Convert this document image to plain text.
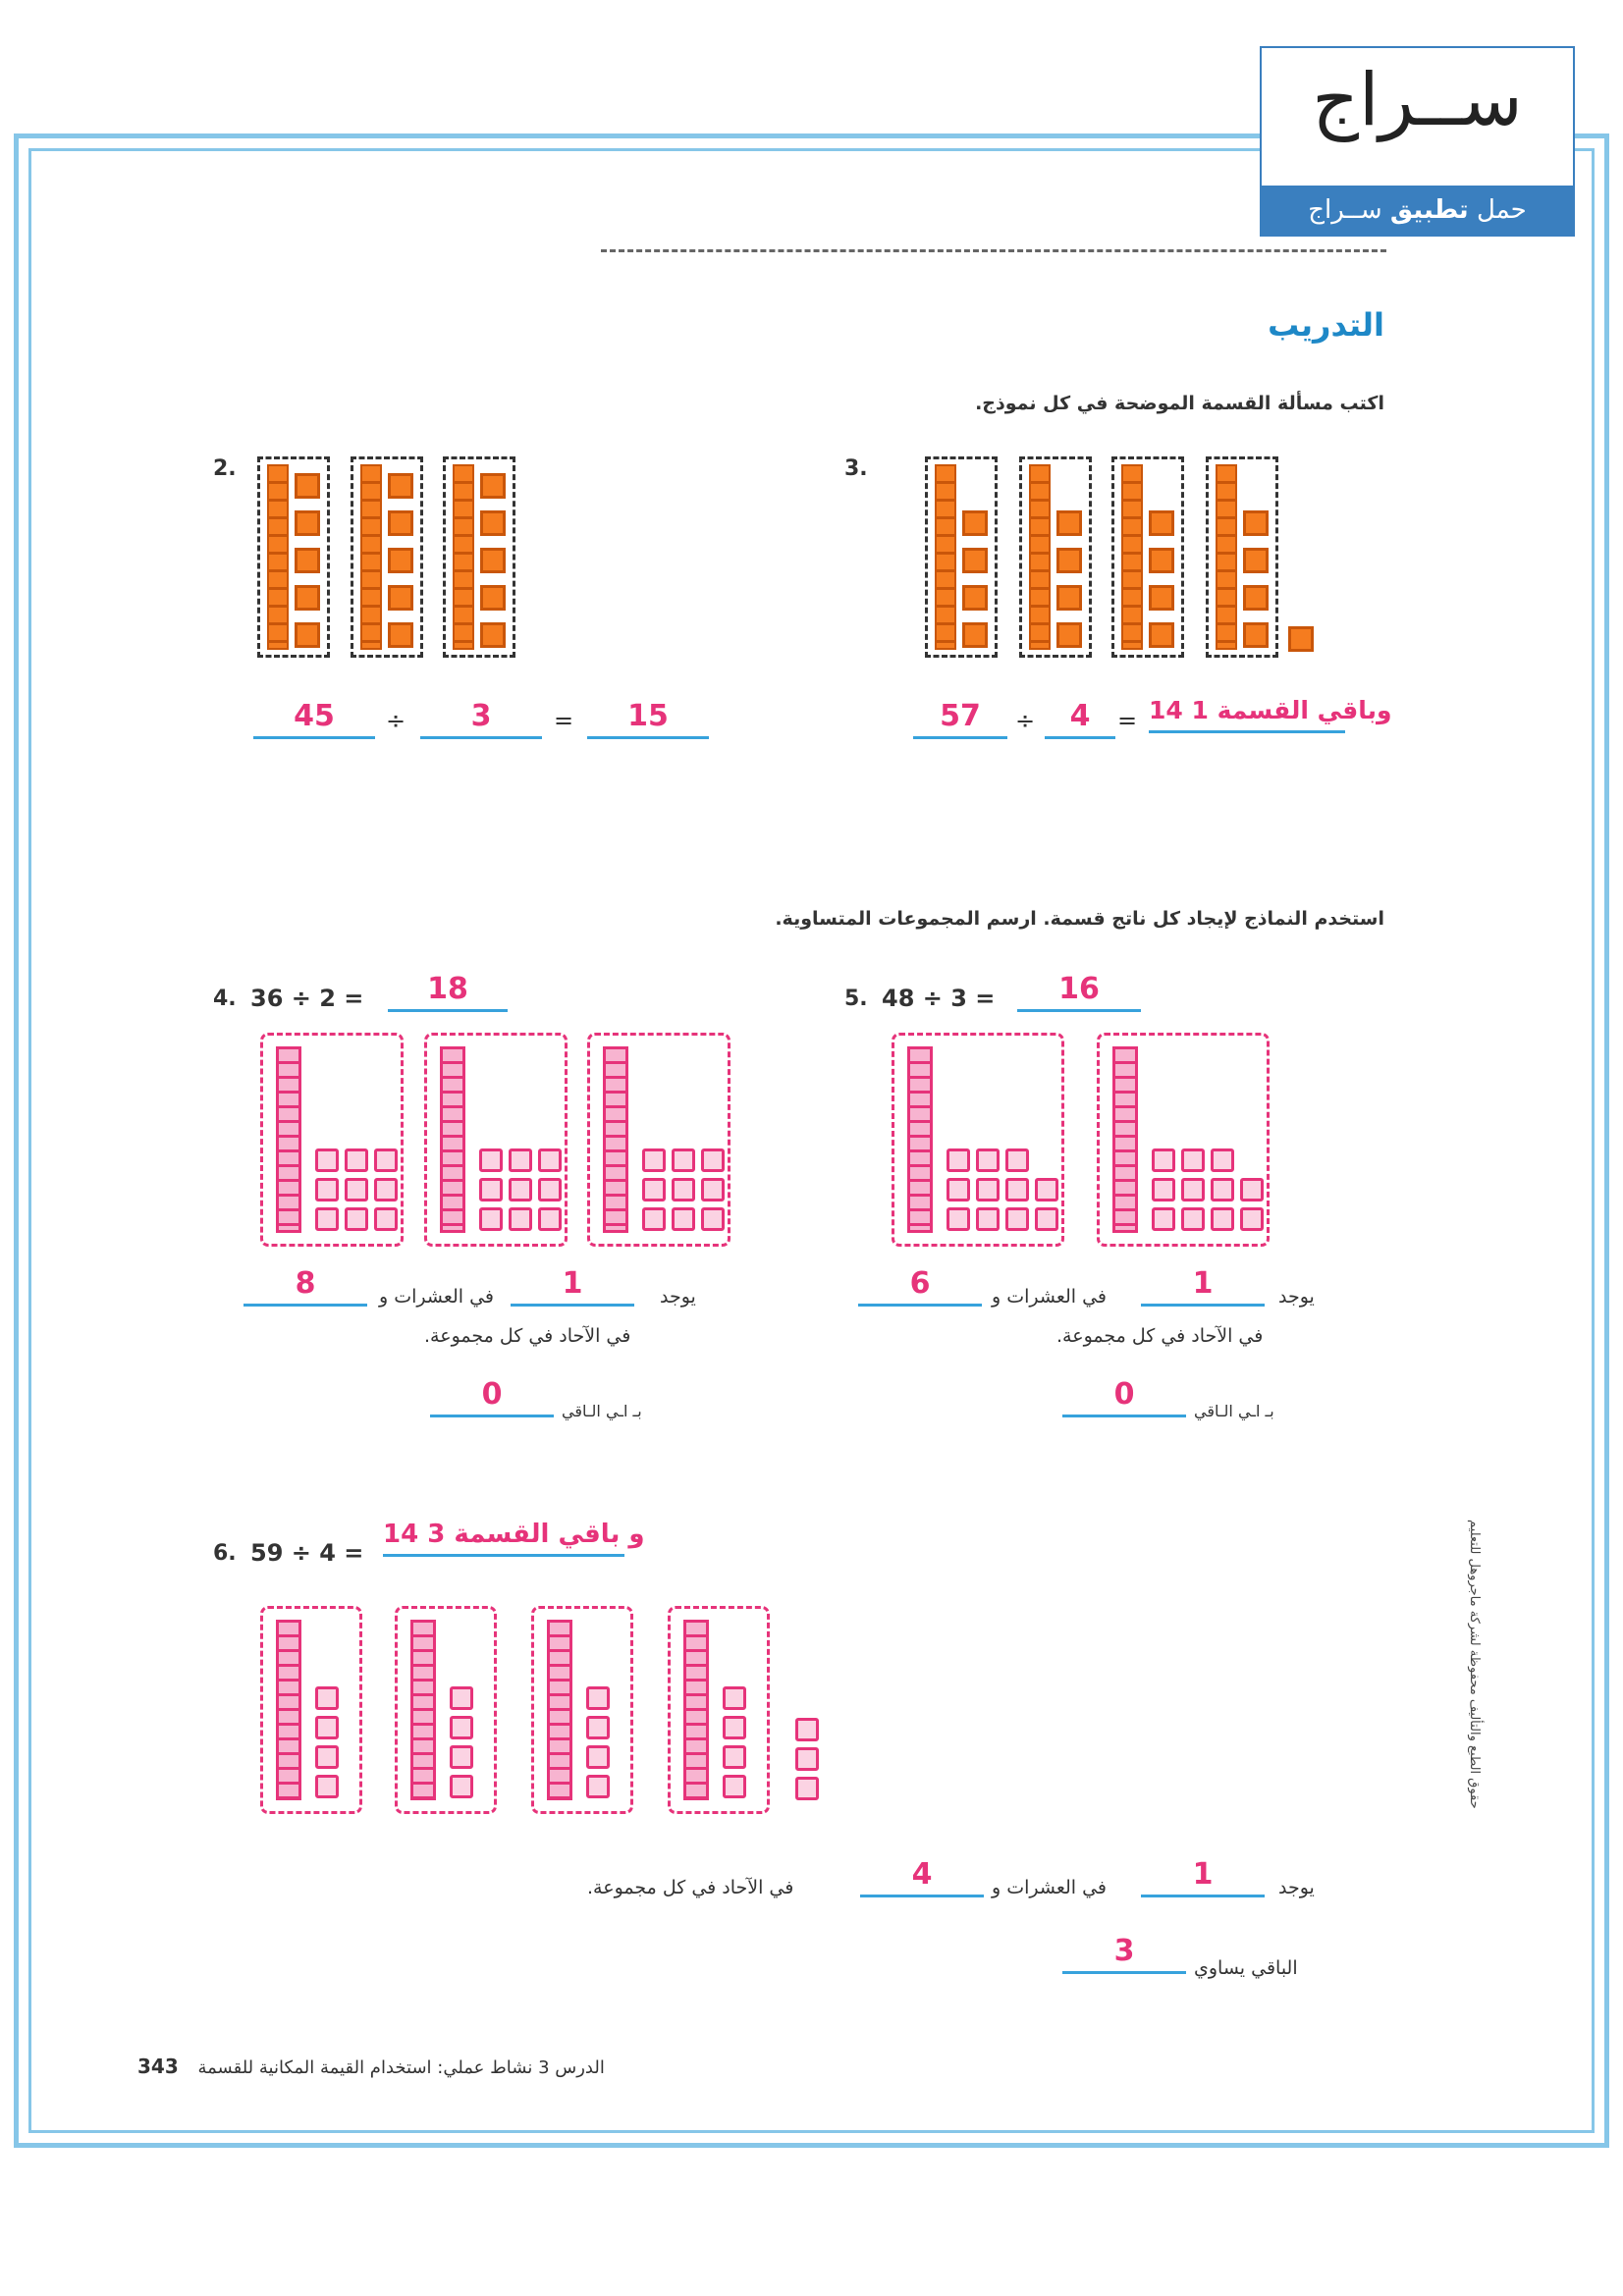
ســراج
حمل تطبيق ســراج
التدريب
اكتب مسألة القسمة الموضحة في كل نموذج.
2.
45	÷	3	=	15
3.
57	÷	4	= 14 وباقي القسمة 1
استخدم النماذج لإيجاد كل ناتج قسمة. ارسم المجموعات المتساوية.
4. 36 ÷ 2 =	18
يوجد
1
في العشرات و
8
في الآحاد في كل مجموعة.
0	بـ اـي الـاقي
5. 48 ÷ 3 =	16
يوجد
1
في العشرات و
6
في الآحاد في كل مجموعة.
0	بـ اـي الـاقي
6. 59 ÷ 4 =
14 و باقي القسمة 3
يوجد
1
في العشرات و
4
في الآحاد في كل مجموعة.
3	الباقي يساوي
حقوق الطبع والتأليف محفوظة لشركة ماجروهل للتعليم
343 الدرس 3 نشاط عملي: استخدام القيمة المكانية للقسمة
